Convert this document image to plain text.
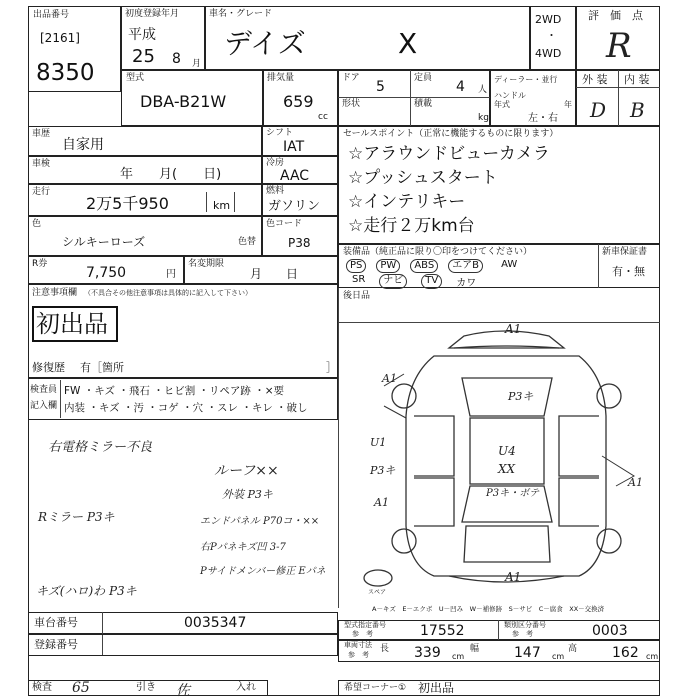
出品番号
[2161]
8350
初度登録年月
平成
25 8 月
車名・グレード
デイズ	X
2WD
・
4WD
評　価　点
R
型式
DBA-B21W
排気量
659
cc
ドア
5
定員
4 人
形状	積載
kg
ディーラー・並行
ハンドル
年式	年
左・右
外 装 内 装
D B
車歴
自家用
車検
年　　月(　　日)
走行
2万5千950	km
色
シルキーローズ	色替
R券
7,750	円
名変期限
月　　日
シフト
IAT
冷房
AAC
燃料
ガソリン
色コード
P38
セールスポイント（正常に機能するものに限ります）
☆アラウンドビューカメラ
☆プッシュスタート
☆インテリキー
☆走行２万km台
装備品（純正品に限り〇印をつけてください）	新車保証書
有・無
PS	PW	ABS	エアB	AW
SR	ナビ	TV	カワ
後日品
注意事項欄 （不具合その他注意事項は具体的に記入して下さい）
初出品
修復歴 有［箇所	］
検査員
記入欄
FW ・キズ ・飛石 ・ヒビ割 ・リペア跡 ・×要
内装 ・キズ ・汚 ・コゲ ・穴 ・スレ ・キレ ・破し
右電格ミラー不良
Rミラー P3キ
キズ(ハロ)わ P3キ
ルーフ××
外装 P3キ
エンドパネル P70コ・××
右Pパネキズ凹 3-7
Pサイドメンバー修正 Eパネ
A1
A1
P3キ
U1
P3キ
A1
U4
XX
P3キ・ボテ
A1
A1
スペア
A－キズ　E－エクボ　U－凹み　W－補修跡　S－サビ　C－腐食　XX－交換済
車台番号	0035347
登録番号
型式指定番号
参　考	17552	類別区分番号
参　考	0003
車両寸法
参　考
長 339 cm
幅 147 cm
高 162 cm
検査 65	引き 佐	入れ	希望コーナー① 初出品
